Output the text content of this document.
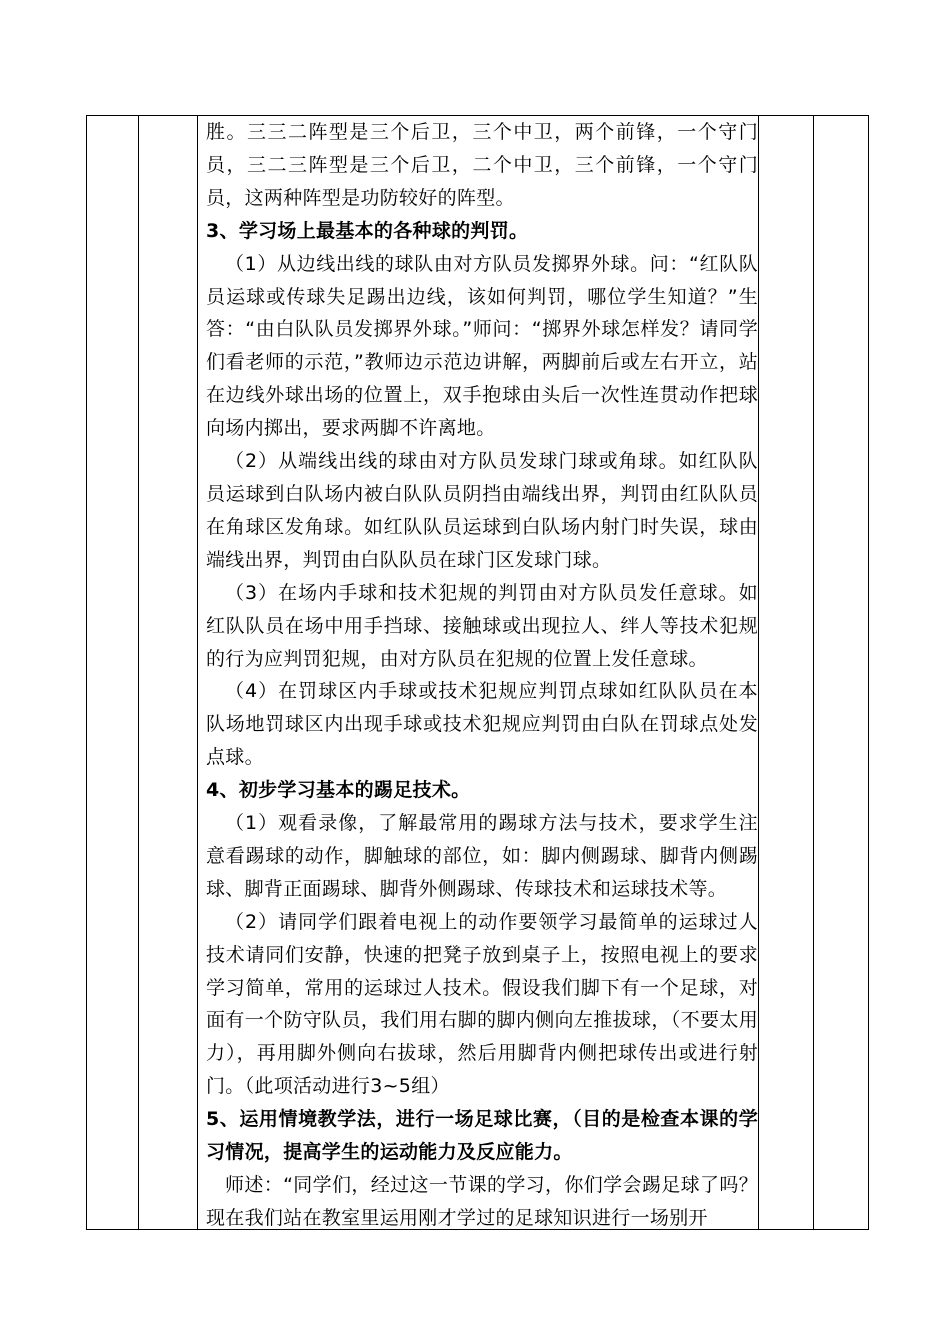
胜。三三二阵型是三个后卫，三个中卫，两个前锋，一个守门员，三二三阵型是三个后卫，二个中卫，三个前锋，一个守门员，这两种阵型是功防较好的阵型。

3、学习场上最基本的各种球的判罚。

（1）从边线出线的球队由对方队员发掷界外球。问：“红队队员运球或传球失足踢出边线，该如何判罚，哪位学生知道？”生答：“由白队队员发掷界外球。”师问：“掷界外球怎样发？请同学们看老师的示范，”教师边示范边讲解，两脚前后或左右开立，站在边线外球出场的位置上，双手抱球由头后一次性连贯动作把球向场内掷出，要求两脚不许离地。

（2）从端线出线的球由对方队员发球门球或角球。如红队队员运球到白队场内被白队队员阴挡由端线出界，判罚由红队队员在角球区发角球。如红队队员运球到白队场内射门时失误，球由端线出界，判罚由白队队员在球门区发球门球。

（3）在场内手球和技术犯规的判罚由对方队员发任意球。如红队队员在场中用手挡球、接触球或出现拉人、绊人等技术犯规的行为应判罚犯规，由对方队员在犯规的位置上发任意球。

（4）在罚球区内手球或技术犯规应判罚点球如红队队员在本队场地罚球区内出现手球或技术犯规应判罚由白队在罚球点处发点球。

4、初步学习基本的踢足技术。

（1）观看录像，了解最常用的踢球方法与技术，要求学生注意看踢球的动作，脚触球的部位，如：脚内侧踢球、脚背内侧踢球、脚背正面踢球、脚背外侧踢球、传球技术和运球技术等。

（2）请同学们跟着电视上的动作要领学习最简单的运球过人技术请同们安静，快速的把凳子放到桌子上，按照电视上的要求学习简单，常用的运球过人技术。假设我们脚下有一个足球，对面有一个防守队员，我们用右脚的脚内侧向左推拔球，（不要太用力），再用脚外侧向右拔球，然后用脚背内侧把球传出或进行射门。（此项活动进行3~5组）

5、运用情境教学法，进行一场足球比赛，（目的是检查本课的学习情况，提高学生的运动能力及反应能力。

师述：“同学们，经过这一节课的学习，你们学会踢足球了吗？现在我们站在教室里运用刚才学过的足球知识进行一场别开
